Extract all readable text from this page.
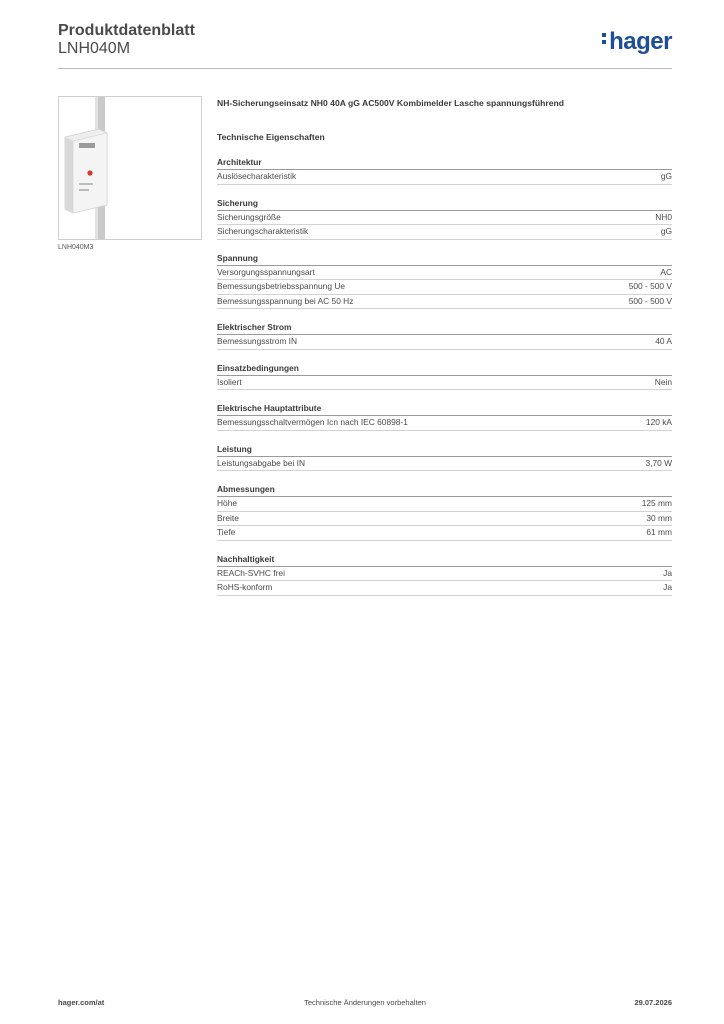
Produktdatenblatt
LNH040M	hager
LNH040M3
NH-Sicherungseinsatz NH0 40A gG AC500V Kombimelder Lasche spannungsführend
Technische Eigenschaften
Architektur
Auslösecharakteristik	gG
Sicherung
Sicherungsgröße	NH0
Sicherungscharakteristik	gG
Spannung
Versorgungsspannungsart	AC
Bemessungsbetriebsspannung Ue	500 - 500 V
Bemessungsspannung bei AC 50 Hz	500 - 500 V
Elektrischer Strom
Bemessungsstrom IN	40 A
Einsatzbedingungen
Isoliert	Nein
Elektrische Hauptattribute
Bemessungsschaltvermögen Icn nach IEC 60898-1	120 kA
Leistung
Leistungsabgabe bei IN	3,70 W
Abmessungen
Höhe	125 mm
Breite	30 mm
Tiefe	61 mm
Nachhaltigkeit
REACh-SVHC frei	Ja
RoHS-konform	Ja
hager.com/at	Technische Änderungen vorbehalten	29.07.2026
